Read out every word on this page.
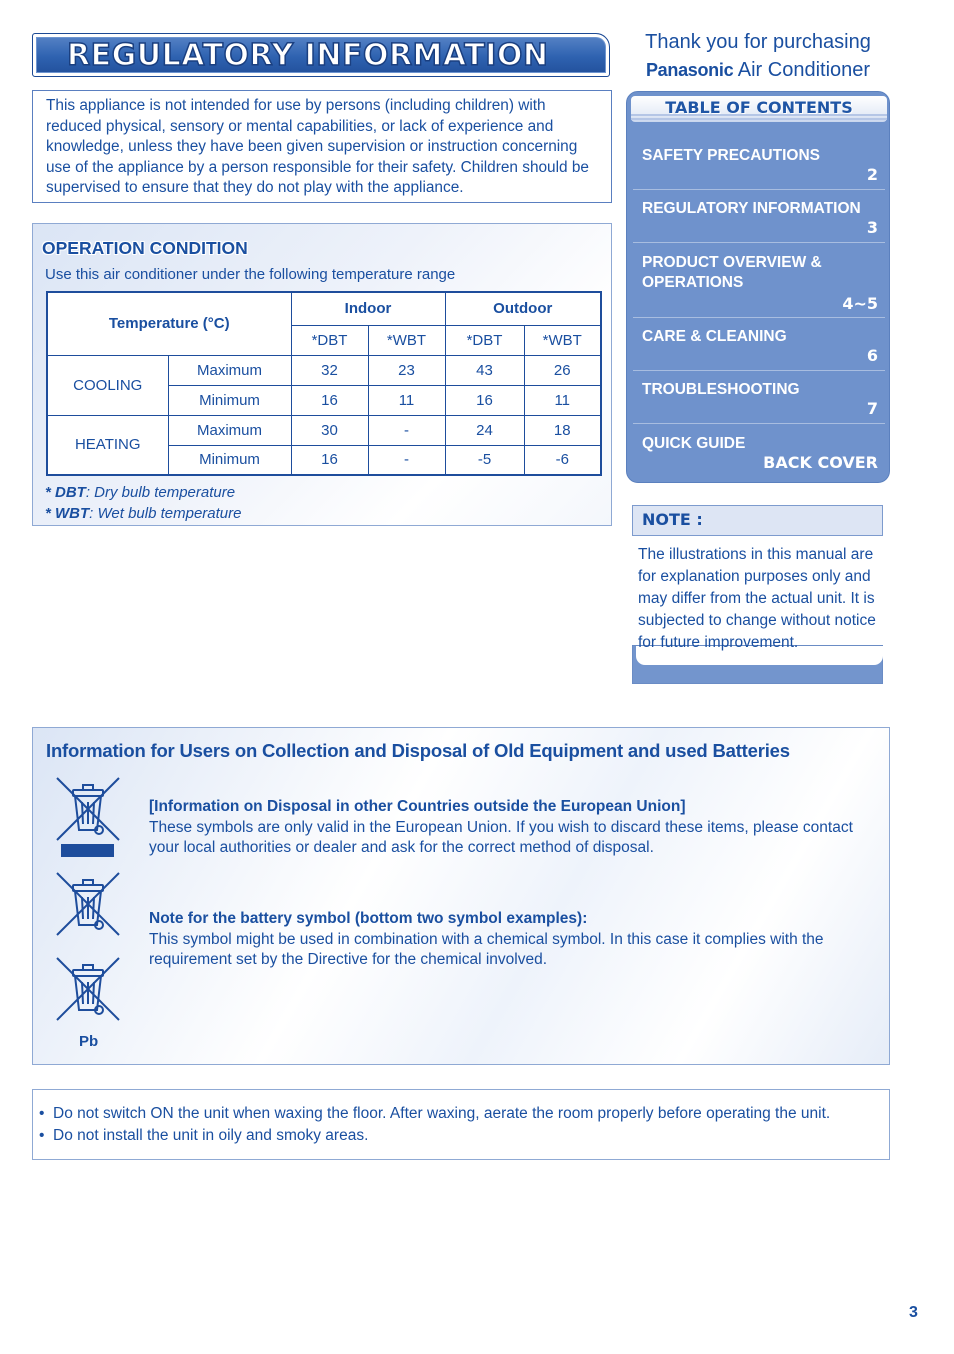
REGULATORY INFORMATION	Thank you for purchasing
Panasonic Air Conditioner

This appliance is not intended for use by persons (including children) with reduced physical, sensory or mental capabilities, or lack of experience and knowledge, unless they have been given supervision or instruction concerning use of the appliance by a person responsible for their safety. Children should be supervised to ensure that they do not play with the appliance.

OPERATION CONDITION
Use this air conditioner under the following temperature range
Temperature (°C)		Indoor		Outdoor	
		*DBT	*WBT	*DBT	*WBT
COOLING	Maximum	32	23	43	26
	Minimum	16	11	16	11
HEATING	Maximum	30	-	24	18
	Minimum	16	-	-5	-6
* DBT: Dry bulb temperature
* WBT: Wet bulb temperature
TABLE OF CONTENTS
SAFETY PRECAUTIONS
2
REGULATORY INFORMATION
3
PRODUCT OVERVIEW &
OPERATIONS
4~5
CARE & CLEANING
6
TROUBLESHOOTING
7
QUICK GUIDE
BACK COVER
NOTE :
The illustrations in this manual are for explanation purposes only and may differ from the actual unit. It is subjected to change without notice for future improvement.
Information for Users on Collection and Disposal of Old Equipment and used Batteries
Pb
[Information on Disposal in other Countries outside the European Union]
These symbols are only valid in the European Union. If you wish to discard these items, please contact your local authorities or dealer and ask for the correct method of disposal.
Note for the battery symbol (bottom two symbol examples):
This symbol might be used in combination with a chemical symbol. In this case it complies with the requirement set by the Directive for the chemical involved.
•  Do not switch ON the unit when waxing the floor. After waxing, aerate the room properly before operating the unit.
•  Do not install the unit in oily and smoky areas.
3
